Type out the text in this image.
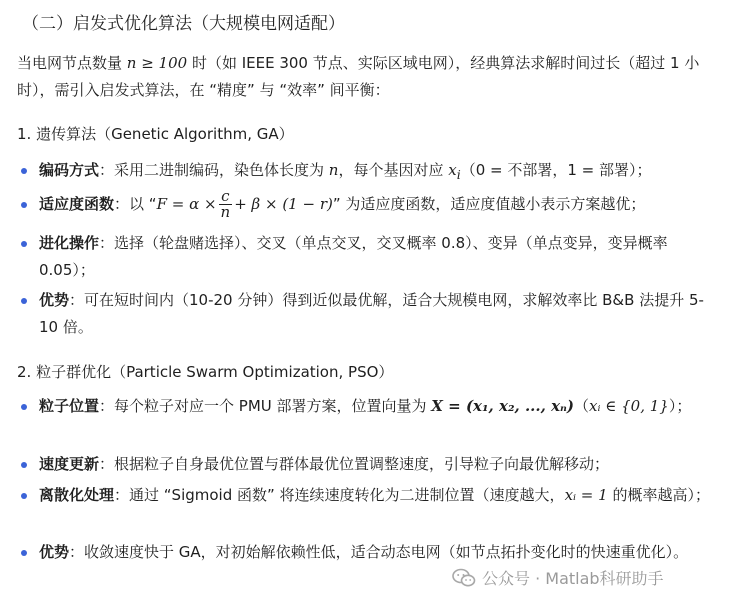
（二）启发式优化算法（大规模电网适配）
当电网节点数量 n ≥ 100 时（如 IEEE 300 节点、实际区域电网），经典算法求解时间过长（超过 1 小时），需引入启发式算法，在 “精度” 与 “效率” 间平衡：
1. 遗传算法（Genetic Algorithm, GA）
编码方式：采用二进制编码，染色体长度为 n，每个基因对应 $x_i(0$ = 不部署，1 = 部署）；
适应度函数：以 “$F = \alpha \times \frac{c}{n} + \beta \times (1 - r)$” 为适应度函数，适应度值越小表示方案越优；
进化操作：选择（轮盘赌选择）、交叉（单点交叉，交叉概率 0.8）、变异（单点变异，变异概率 0.05）；
优势：可在短时间内（10-20 分钟）得到近似最优解，适合大规模电网，求解效率比 B&B 法提升 5-10 倍。
2. 粒子群优化（Particle Swarm Optimization, PSO）
粒子位置：每个粒子对应一个 PMU 部署方案，位置向量为 X = (x₁, x₂, ..., xₙ)（xᵢ ∈ {0, 1}）；
速度更新：根据粒子自身最优位置与群体最优位置调整速度，引导粒子向最优解移动；
离散化处理：通过 “Sigmoid 函数” 将连续速度转化为二进制位置（速度越大，xᵢ = 1 的概率越高）；
优势：收敛速度快于 GA，对初始解依赖性低，适合动态电网（如节点拓扑变化时的快速重优化）。
公众号 · Matlab科研助手
